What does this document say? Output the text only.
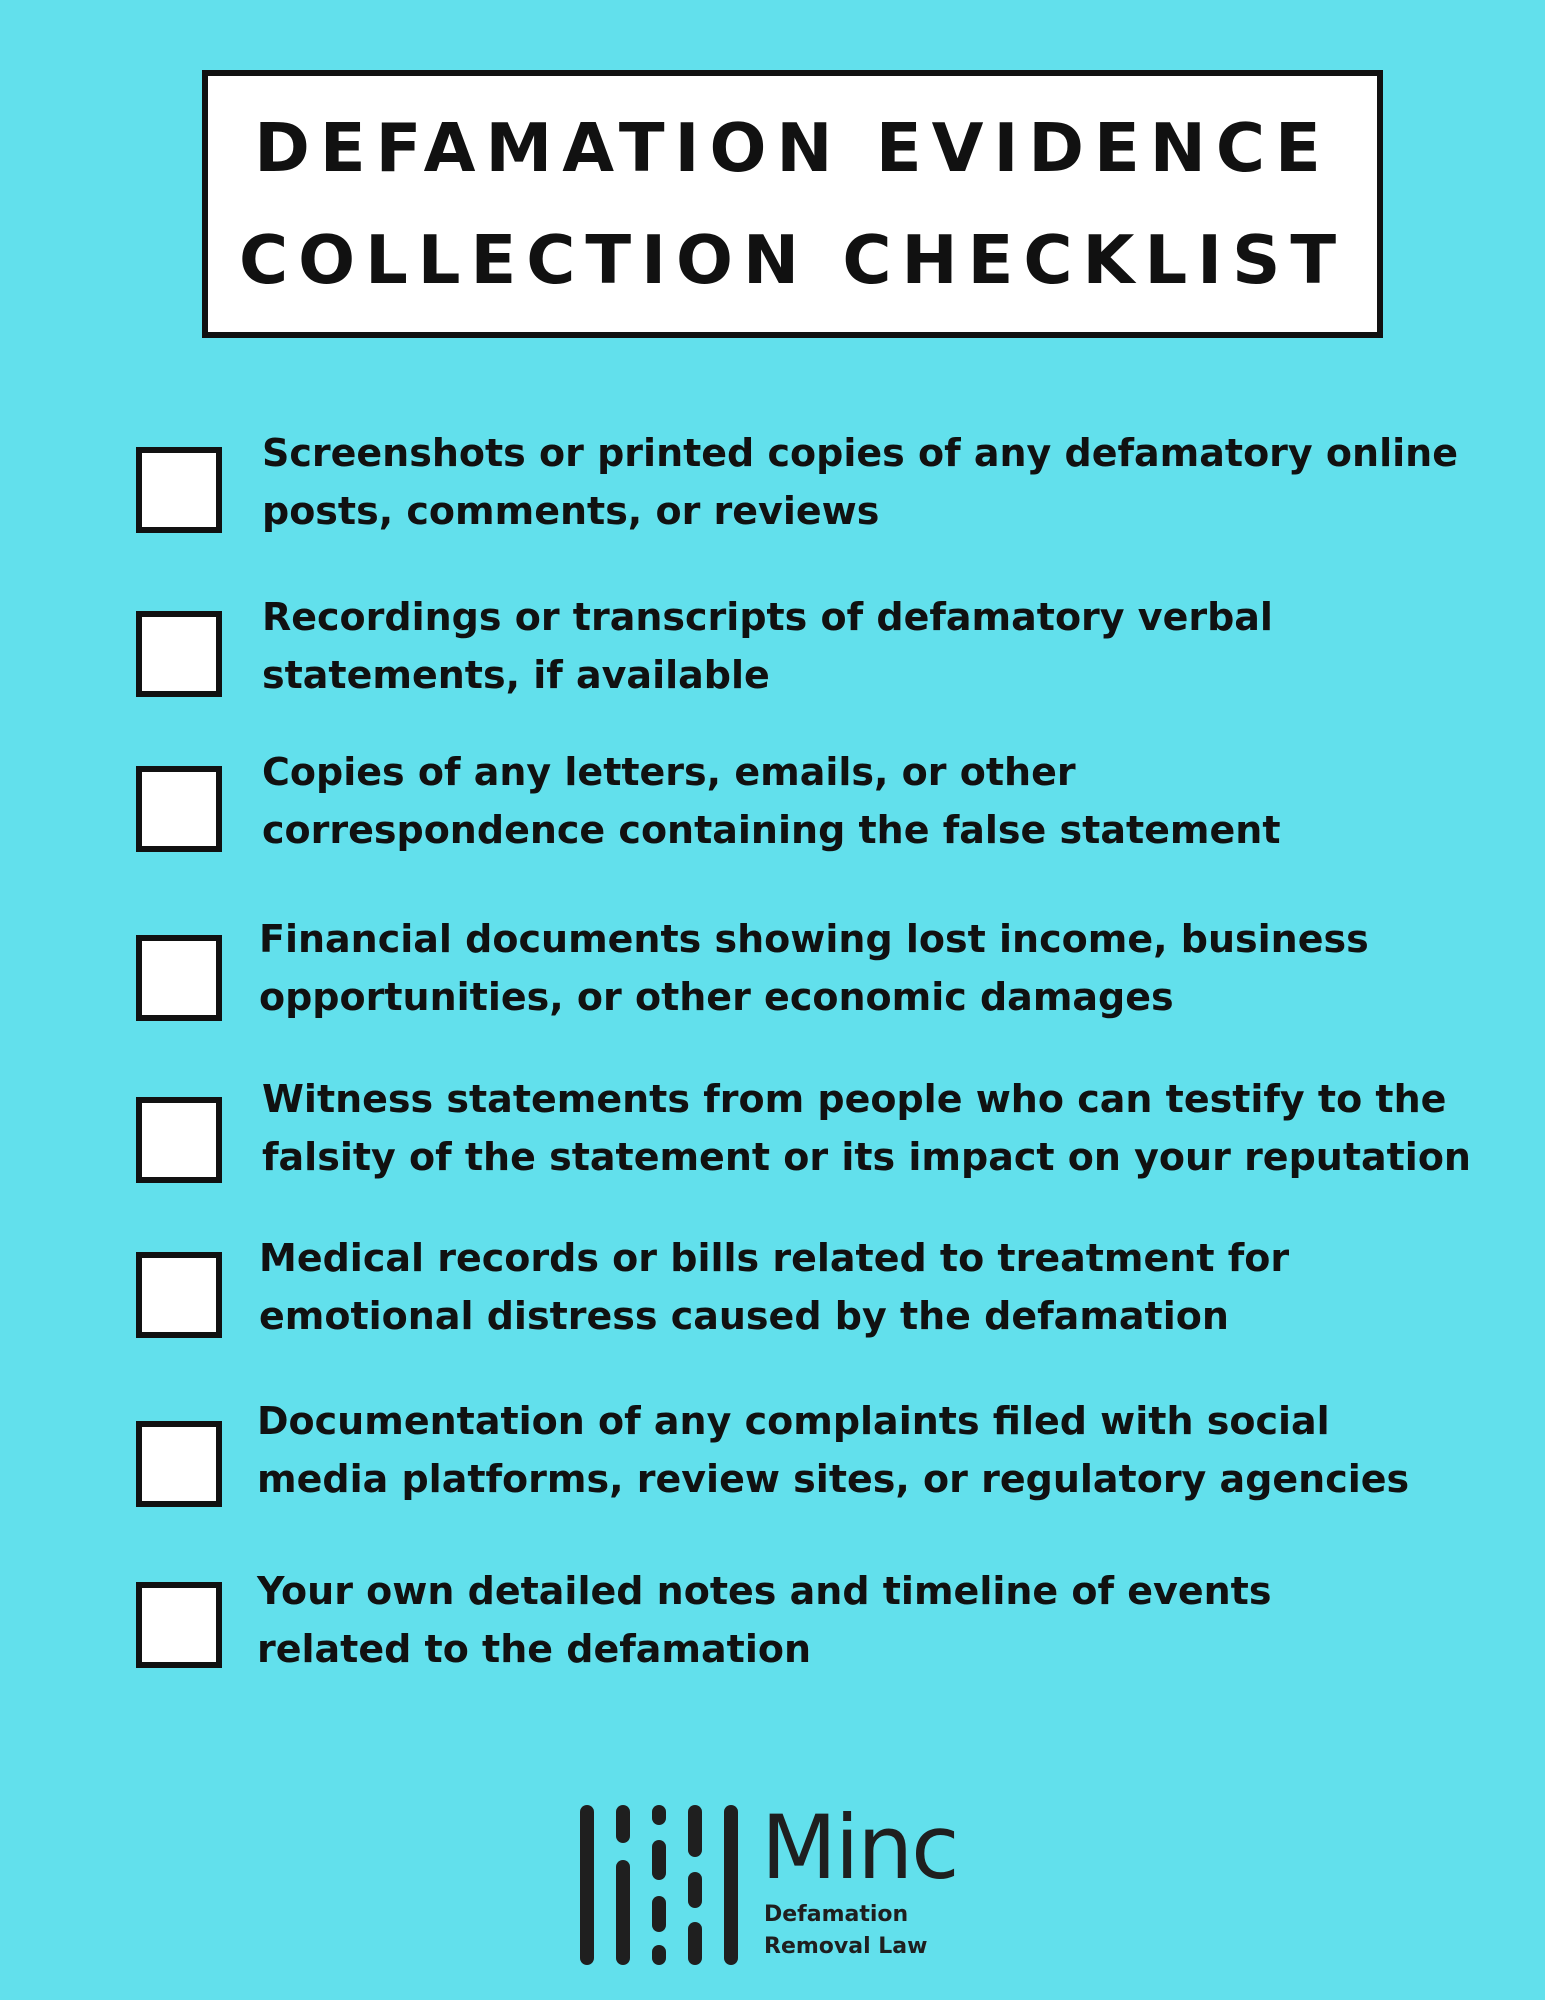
DEFAMATION EVIDENCE
COLLECTION CHECKLIST
Screenshots or printed copies of any defamatory online
posts, comments, or reviews
Recordings or transcripts of defamatory verbal
statements, if available
Copies of any letters, emails, or other
correspondence containing the false statement
Financial documents showing lost income, business
opportunities, or other economic damages
Witness statements from people who can testify to the
falsity of the statement or its impact on your reputation
Medical records or bills related to treatment for
emotional distress caused by the defamation
Documentation of any complaints filed with social
media platforms, review sites, or regulatory agencies
Your own detailed notes and timeline of events
related to the defamation
Minc
Defamation
Removal Law
